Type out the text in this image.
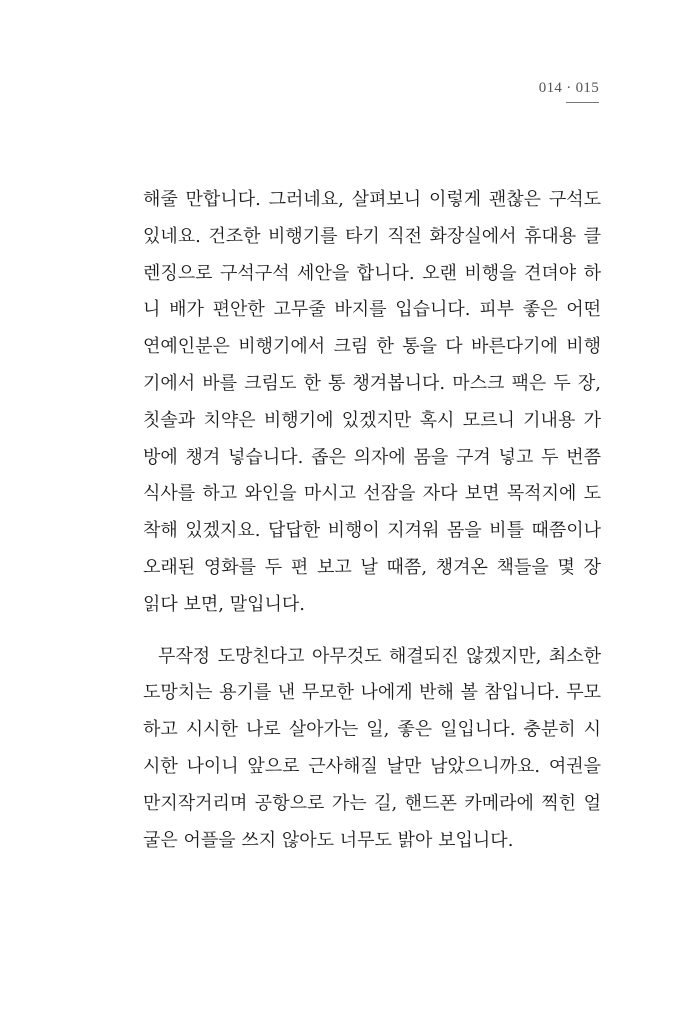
014 · 015
해줄 만합니다. 그러네요, 살펴보니 이렇게 괜찮은 구석도
있네요. 건조한 비행기를 타기 직전 화장실에서 휴대용 클
렌징으로 구석구석 세안을 합니다. 오랜 비행을 견뎌야 하
니 배가 편안한 고무줄 바지를 입습니다. 피부 좋은 어떤
연예인분은 비행기에서 크림 한 통을 다 바른다기에 비행
기에서 바를 크림도 한 통 챙겨봅니다. 마스크 팩은 두 장,
칫솔과 치약은 비행기에 있겠지만 혹시 모르니 기내용 가
방에 챙겨 넣습니다. 좁은 의자에 몸을 구겨 넣고 두 번쯤
식사를 하고 와인을 마시고 선잠을 자다 보면 목적지에 도
착해 있겠지요. 답답한 비행이 지겨워 몸을 비틀 때쯤이나
오래된 영화를 두 편 보고 날 때쯤, 챙겨온 책들을 몇 장
읽다 보면, 말입니다.
무작정 도망친다고 아무것도 해결되진 않겠지만, 최소한
도망치는 용기를 낸 무모한 나에게 반해 볼 참입니다. 무모
하고 시시한 나로 살아가는 일, 좋은 일입니다. 충분히 시
시한 나이니 앞으로 근사해질 날만 남았으니까요. 여권을
만지작거리며 공항으로 가는 길, 핸드폰 카메라에 찍힌 얼
굴은 어플을 쓰지 않아도 너무도 밝아 보입니다.
